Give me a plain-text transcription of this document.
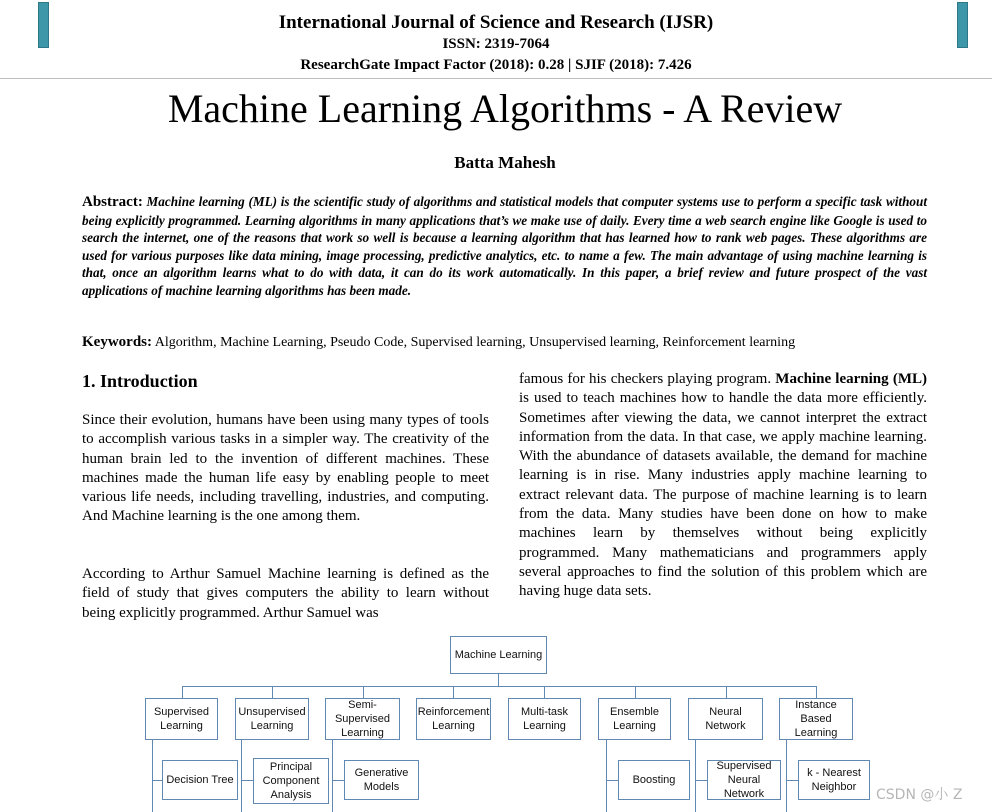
International Journal of Science and Research (IJSR)
ISSN: 2319-7064
ResearchGate Impact Factor (2018): 0.28 | SJIF (2018): 7.426
Machine Learning Algorithms - A Review
Batta Mahesh
Abstract: Machine learning (ML) is the scientific study of algorithms and statistical models that computer systems use to perform a specific task without being explicitly programmed. Learning algorithms in many applications that’s we make use of daily. Every time a web search engine like Google is used to search the internet, one of the reasons that work so well is because a learning algorithm that has learned how to rank web pages. These algorithms are used for various purposes like data mining, image processing, predictive analytics, etc. to name a few. The main advantage of using machine learning is that, once an algorithm learns what to do with data, it can do its work automatically. In this paper, a brief review and future prospect of the vast applications of machine learning algorithms has been made.
Keywords: Algorithm, Machine Learning, Pseudo Code, Supervised learning, Unsupervised learning, Reinforcement learning
1. Introduction
Since their evolution, humans have been using many types of tools to accomplish various tasks in a simpler way. The creativity of the human brain led to the invention of different machines. These machines made the human life easy by enabling people to meet various life needs, including travelling, industries, and computing. And Machine learning is the one among them.
According to Arthur Samuel Machine learning is defined as the field of study that gives computers the ability to learn without being explicitly programmed. Arthur Samuel was
famous for his checkers playing program. Machine learning (ML) is used to teach machines how to handle the data more efficiently. Sometimes after viewing the data, we cannot interpret the extract information from the data. In that case, we apply machine learning. With the abundance of datasets available, the demand for machine learning is in rise. Many industries apply machine learning to extract relevant data. The purpose of machine learning is to learn from the data. Many studies have been done on how to make machines learn by themselves without being explicitly programmed. Many mathematicians and programmers apply several approaches to find the solution of this problem which are having huge data sets.
Machine Learning
Supervised Learning
Unsupervised Learning
Semi-Supervised Learning
Reinforcement Learning
Multi-task Learning
Ensemble Learning
Neural Network
Instance Based Learning
Decision Tree
Principal Component Analysis
Generative Models
Boosting
Supervised Neural Network
k - Nearest Neighbor	CSDN @小 Z
